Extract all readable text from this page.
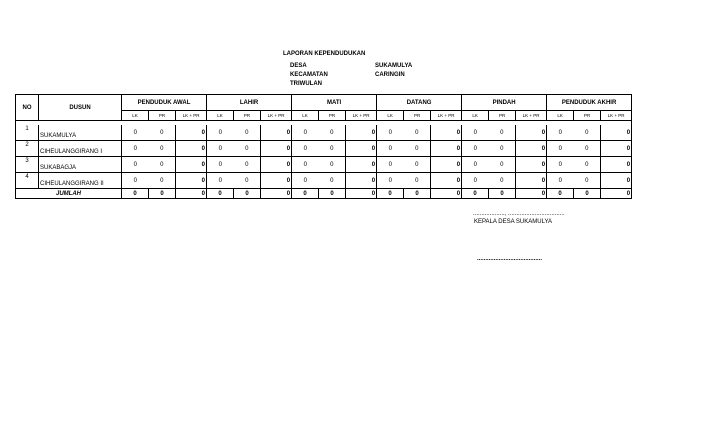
LAPORAN KEPENDUDUKAN
DESA	SUKAMULYA
KECAMATAN	CARINGIN
TRIWULAN
NO	DUSUN	PENDUDUK AWAL			LAHIR			MATI			DATANG			PINDAH			PENDUDUK AKHIR		
		LK	PR	LK + PR	LK	PR	LK + PR	LK	PR	LK + PR	LK	PR	LK + PR	LK	PR	LK + PR	LK	PR	LK + PR

1	SUKAMULYA	0	0	0	0	0	0	0	0	0	0	0	0	0	0	0	0	0	0
2	CIHEULANGGIRANG I	0	0	0	0	0	0	0	0	0	0	0	0	0	0	0	0	0	0
3	SUKABAGJA	0	0	0	0	0	0	0	0	0	0	0	0	0	0	0	0	0	0
4	CIHEULANGGIRANG II	0	0	0	0	0	0	0	0	0	0	0	0	0	0	0	0	0	0
JUMLAH		0	0	0	0	0	0	0	0	0	0	0	0	0	0	0	0	0	0
..................., ..................................
KEPALA DESA SUKAMULYA
.......................................
